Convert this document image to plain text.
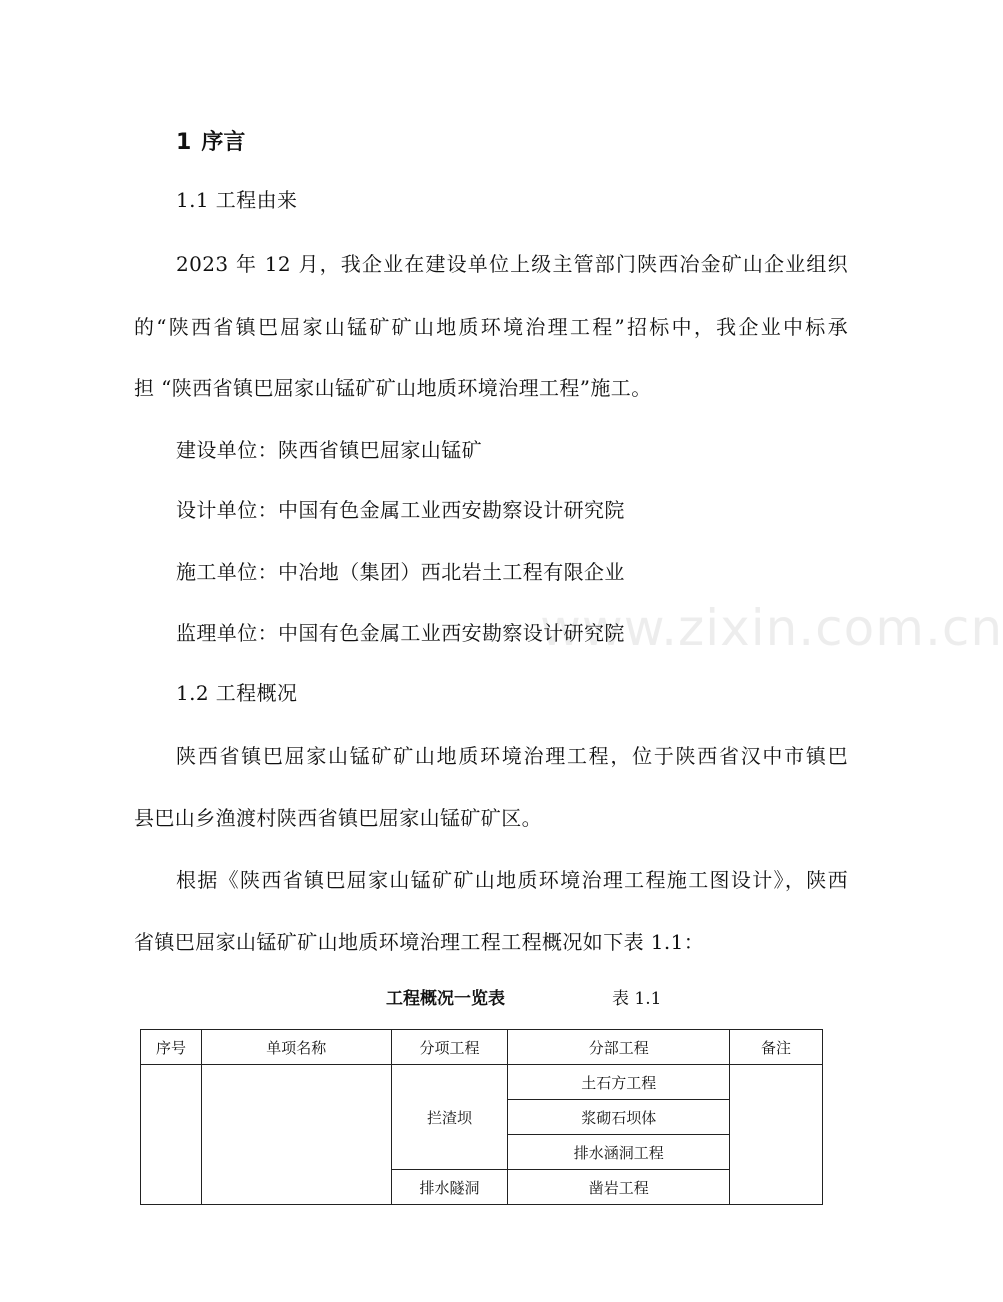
1 序言
1.1 工程由来
2023 年 12 月，我企业在建设单位上级主管部门陕西冶金矿山企业组织
的“陕西省镇巴屈家山锰矿矿山地质环境治理工程”招标中，我企业中标承
担 “陕西省镇巴屈家山锰矿矿山地质环境治理工程”施工。
建设单位：陕西省镇巴屈家山锰矿
设计单位：中国有色金属工业西安勘察设计研究院
施工单位：中冶地（集团）西北岩土工程有限企业
监理单位：中国有色金属工业西安勘察设计研究院
www.zixin.com.cn
1.2 工程概况
陕西省镇巴屈家山锰矿矿山地质环境治理工程，位于陕西省汉中市镇巴
县巴山乡渔渡村陕西省镇巴屈家山锰矿矿区。
根据《陕西省镇巴屈家山锰矿矿山地质环境治理工程施工图设计》，陕西
省镇巴屈家山锰矿矿山地质环境治理工程工程概况如下表 1.1：
工程概况一览表	表 1.1
序号	单项名称	分项工程	分部工程	备注
		拦渣坝	土石方工程	
			浆砌石坝体	
			排水涵洞工程	
		排水隧洞	凿岩工程	
